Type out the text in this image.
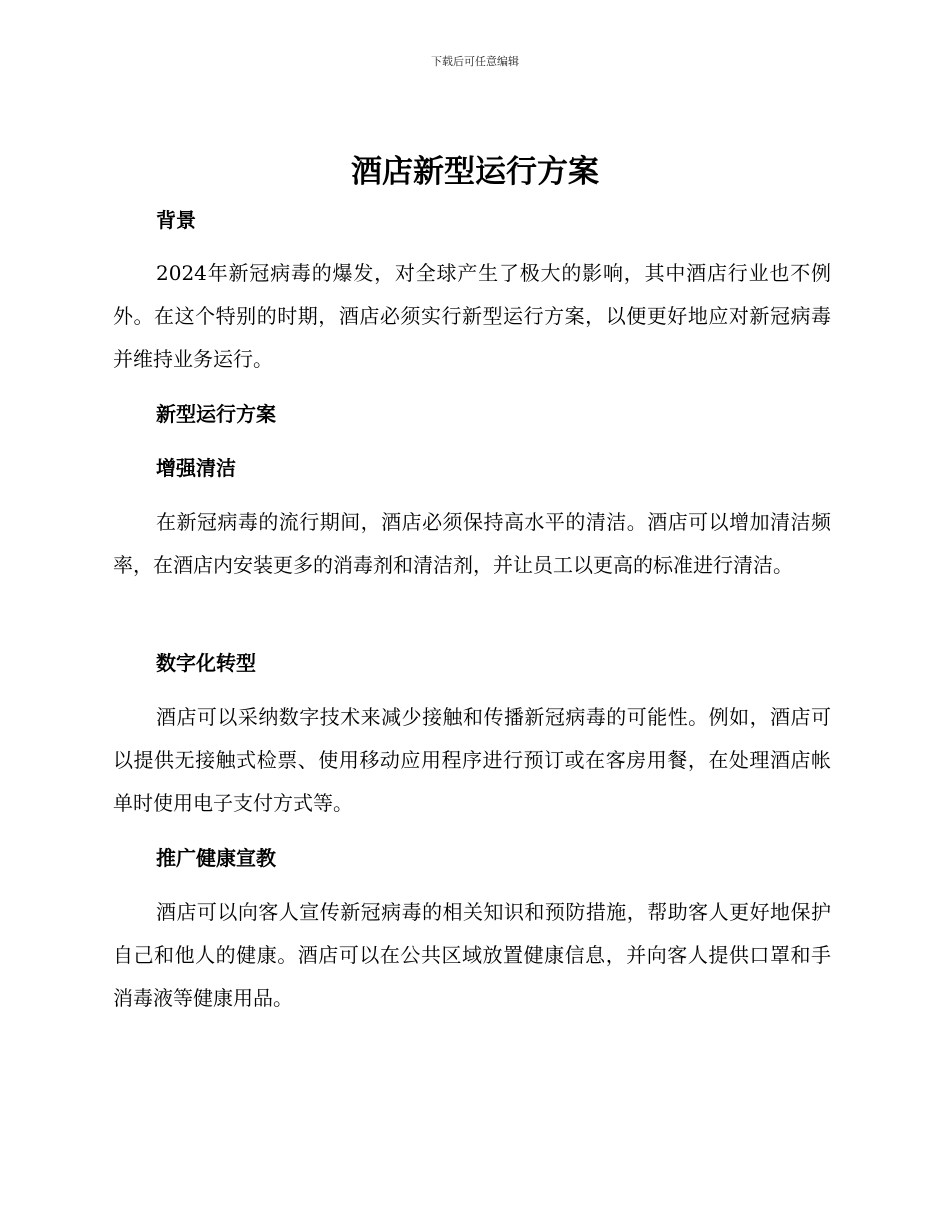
下载后可任意编辑
酒店新型运行方案
背景

2024年新冠病毒的爆发，对全球产生了极大的影响，其中酒店行业也不例外。在这个特别的时期，酒店必须实行新型运行方案，以便更好地应对新冠病毒并维持业务运行。

新型运行方案
增强清洁

在新冠病毒的流行期间，酒店必须保持高水平的清洁。酒店可以增加清洁频率，在酒店内安装更多的消毒剂和清洁剂，并让员工以更高的标准进行清洁。

数字化转型

酒店可以采纳数字技术来减少接触和传播新冠病毒的可能性。例如，酒店可以提供无接触式检票、使用移动应用程序进行预订或在客房用餐，在处理酒店帐单时使用电子支付方式等。

推广健康宣教

酒店可以向客人宣传新冠病毒的相关知识和预防措施，帮助客人更好地保护自己和他人的健康。酒店可以在公共区域放置健康信息，并向客人提供口罩和手消毒液等健康用品。
